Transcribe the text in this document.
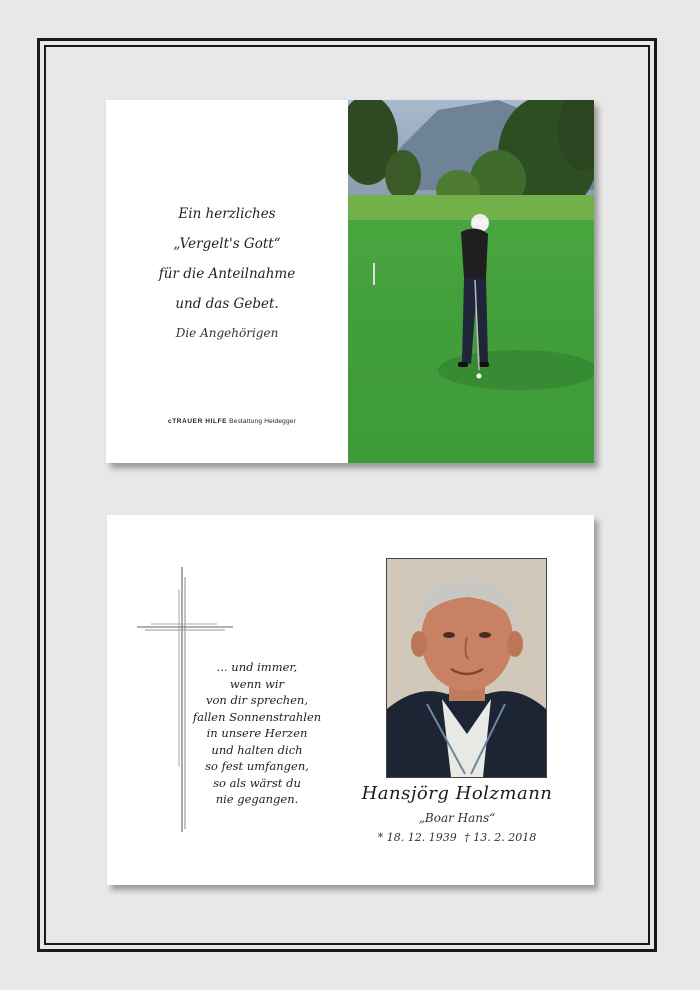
Ein herzliches
„Vergelt's Gott“
für die Anteilnahme
und das Gebet.
Die Angehörigen
cTRAUER HILFE Bestattung Heidegger
... und immer,
wenn wir
von dir sprechen,
fallen Sonnenstrahlen
in unsere Herzen
und halten dich
so fest umfangen,
so als wärst du
nie gegangen.	Hansjörg Holzmann
„Boar Hans“
* 18. 12. 1939 † 13. 2. 2018
